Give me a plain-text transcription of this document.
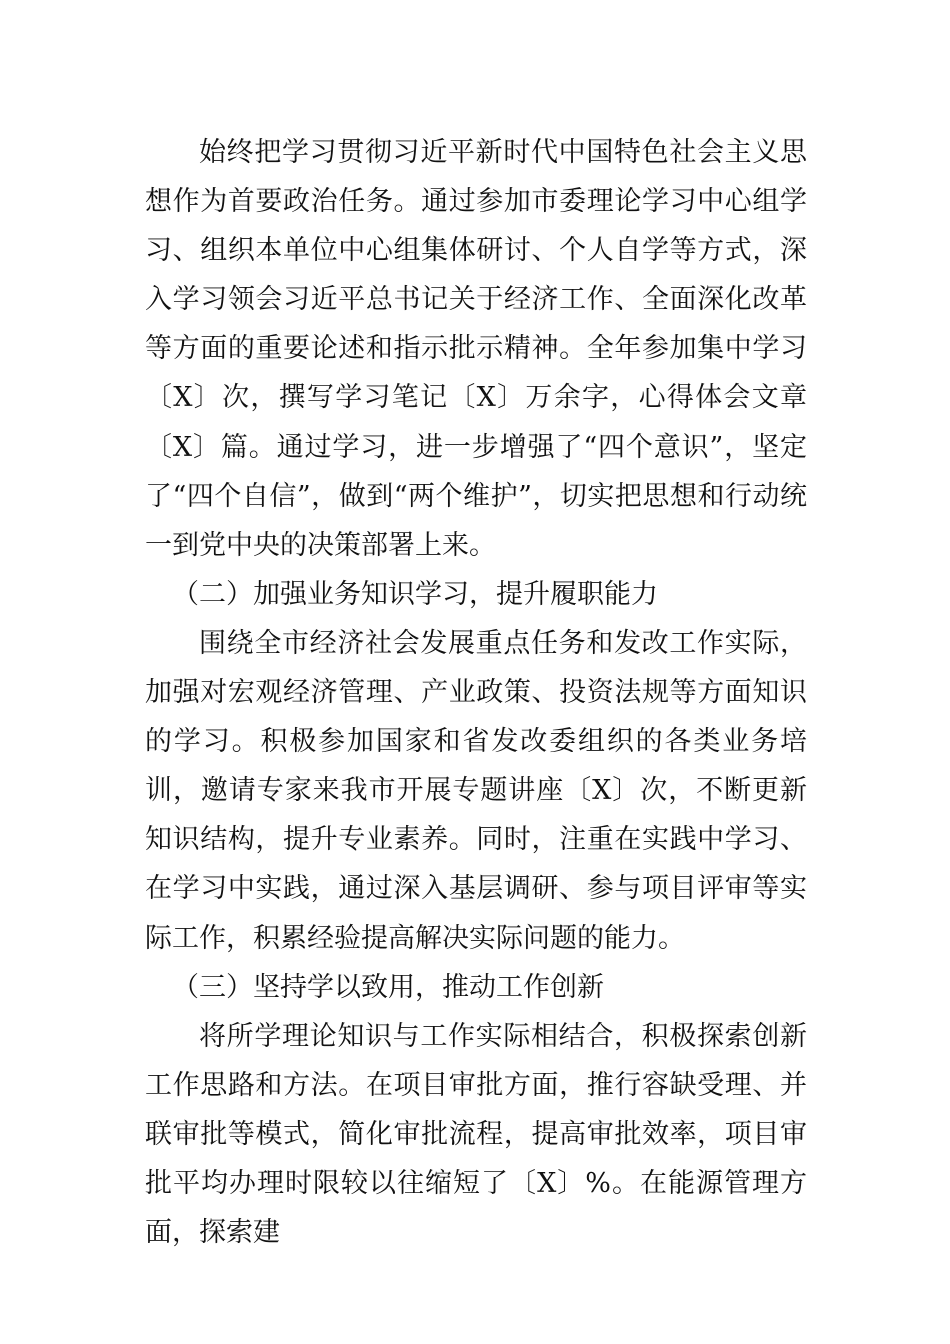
始终把学习贯彻习近平新时代中国特色社会主义思想作为首要政治任务。通过参加市委理论学习中心组学习、组织本单位中心组集体研讨、个人自学等方式，深入学习领会习近平总书记关于经济工作、全面深化改革等方面的重要论述和指示批示精神。全年参加集中学习〔X〕次，撰写学习笔记〔X〕万余字，心得体会文章〔X〕篇。通过学习，进一步增强了“四个意识”，坚定了“四个自信”，做到“两个维护”，切实把思想和行动统一到党中央的决策部署上来。

（二）加强业务知识学习，提升履职能力

围绕全市经济社会发展重点任务和发改工作实际，加强对宏观经济管理、产业政策、投资法规等方面知识的学习。积极参加国家和省发改委组织的各类业务培训，邀请专家来我市开展专题讲座〔X〕次，不断更新知识结构，提升专业素养。同时，注重在实践中学习、在学习中实践，通过深入基层调研、参与项目评审等实际工作，积累经验提高解决实际问题的能力。

（三）坚持学以致用，推动工作创新

将所学理论知识与工作实际相结合，积极探索创新工作思路和方法。在项目审批方面，推行容缺受理、并联审批等模式，简化审批流程，提高审批效率，项目审批平均办理时限较以往缩短了〔X〕%。在能源管理方面，探索建
